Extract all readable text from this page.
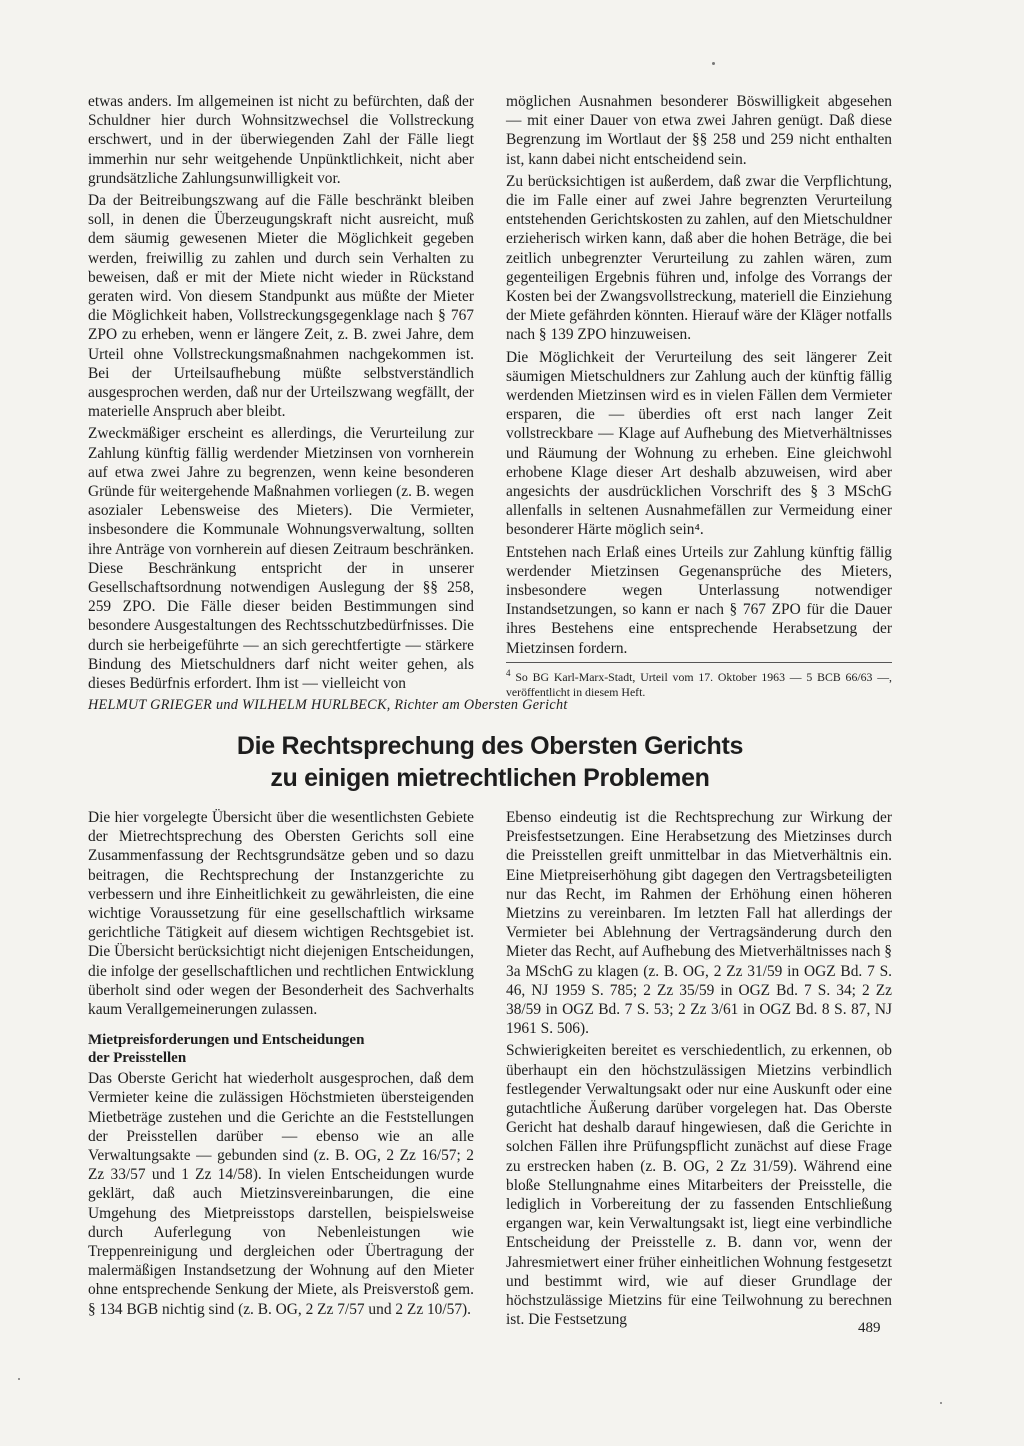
etwas anders. Im allgemeinen ist nicht zu befürchten, daß der Schuldner hier durch Wohnsitzwechsel die Vollstreckung erschwert, und in der überwiegenden Zahl der Fälle liegt immerhin nur sehr weitgehende Unpünktlichkeit, nicht aber grundsätzliche Zahlungsunwilligkeit vor.

Da der Beitreibungszwang auf die Fälle beschränkt bleiben soll, in denen die Überzeugungskraft nicht ausreicht, muß dem säumig gewesenen Mieter die Möglichkeit gegeben werden, freiwillig zu zahlen und durch sein Verhalten zu beweisen, daß er mit der Miete nicht wieder in Rückstand geraten wird. Von diesem Standpunkt aus müßte der Mieter die Möglichkeit haben, Vollstreckungsgegenklage nach § 767 ZPO zu erheben, wenn er längere Zeit, z. B. zwei Jahre, dem Urteil ohne Vollstreckungsmaßnahmen nachgekommen ist. Bei der Urteilsaufhebung müßte selbstverständlich ausgesprochen werden, daß nur der Urteilszwang wegfällt, der materielle Anspruch aber bleibt.

Zweckmäßiger erscheint es allerdings, die Verurteilung zur Zahlung künftig fällig werdender Mietzinsen von vornherein auf etwa zwei Jahre zu begrenzen, wenn keine besonderen Gründe für weitergehende Maßnahmen vorliegen (z. B. wegen asozialer Lebensweise des Mieters). Die Vermieter, insbesondere die Kommunale Wohnungsverwaltung, sollten ihre Anträge von vornherein auf diesen Zeitraum beschränken. Diese Beschränkung entspricht der in unserer Gesellschaftsordnung notwendigen Auslegung der §§ 258, 259 ZPO. Die Fälle dieser beiden Bestimmungen sind besondere Ausgestaltungen des Rechtsschutzbedürfnisses. Die durch sie herbeigeführte — an sich gerechtfertigte — stärkere Bindung des Mietschuldners darf nicht weiter gehen, als dieses Bedürfnis erfordert. Ihm ist — vielleicht von

möglichen Ausnahmen besonderer Böswilligkeit abgesehen — mit einer Dauer von etwa zwei Jahren genügt. Daß diese Begrenzung im Wortlaut der §§ 258 und 259 nicht enthalten ist, kann dabei nicht entscheidend sein.

Zu berücksichtigen ist außerdem, daß zwar die Verpflichtung, die im Falle einer auf zwei Jahre begrenzten Verurteilung entstehenden Gerichtskosten zu zahlen, auf den Mietschuldner erzieherisch wirken kann, daß aber die hohen Beträge, die bei zeitlich unbegrenzter Verurteilung zu zahlen wären, zum gegenteiligen Ergebnis führen und, infolge des Vorrangs der Kosten bei der Zwangsvollstreckung, materiell die Einziehung der Miete gefährden könnten. Hierauf wäre der Kläger notfalls nach § 139 ZPO hinzuweisen.

Die Möglichkeit der Verurteilung des seit längerer Zeit säumigen Mietschuldners zur Zahlung auch der künftig fällig werdenden Mietzinsen wird es in vielen Fällen dem Vermieter ersparen, die — überdies oft erst nach langer Zeit vollstreckbare — Klage auf Aufhebung des Mietverhältnisses und Räumung der Wohnung zu erheben. Eine gleichwohl erhobene Klage dieser Art deshalb abzuweisen, wird aber angesichts der ausdrücklichen Vorschrift des § 3 MSchG allenfalls in seltenen Ausnahmefällen zur Vermeidung einer besonderer Härte möglich sein⁴.

Entstehen nach Erlaß eines Urteils zur Zahlung künftig fällig werdender Mietzinsen Gegenansprüche des Mieters, insbesondere wegen Unterlassung notwendiger Instandsetzungen, so kann er nach § 767 ZPO für die Dauer ihres Bestehens eine entsprechende Herabsetzung der Mietzinsen fordern.

$^4$ So BG Karl-Marx-Stadt, Urteil vom 17. Oktober 1963 — 5 BCB 66/63 —, veröffentlicht in diesem Heft.
HELMUT GRIEGER und WILHELM HURLBECK, Richter am Obersten Gericht
Die Rechtsprechung des Obersten Gerichts
zu einigen mietrechtlichen Problemen

Die hier vorgelegte Übersicht über die wesentlichsten Gebiete der Mietrechtsprechung des Obersten Gerichts soll eine Zusammenfassung der Rechtsgrundsätze geben und so dazu beitragen, die Rechtsprechung der Instanzgerichte zu verbessern und ihre Einheitlichkeit zu gewährleisten, die eine wichtige Voraussetzung für eine gesellschaftlich wirksame gerichtliche Tätigkeit auf diesem wichtigen Rechtsgebiet ist. Die Übersicht berücksichtigt nicht diejenigen Entscheidungen, die infolge der gesellschaftlichen und rechtlichen Entwicklung überholt sind oder wegen der Besonderheit des Sachverhalts kaum Verallgemeinerungen zulassen.

Mietpreisforderungen und Entscheidungen
der Preisstellen

Das Oberste Gericht hat wiederholt ausgesprochen, daß dem Vermieter keine die zulässigen Höchstmieten übersteigenden Mietbeträge zustehen und die Gerichte an die Feststellungen der Preisstellen darüber — ebenso wie an alle Verwaltungsakte — gebunden sind (z. B. OG, 2 Zz 16/57; 2 Zz 33/57 und 1 Zz 14/58). In vielen Entscheidungen wurde geklärt, daß auch Mietzinsvereinbarungen, die eine Umgehung des Mietpreisstops darstellen, beispielsweise durch Auferlegung von Nebenleistungen wie Treppenreinigung und dergleichen oder Übertragung der malermäßigen Instandsetzung der Wohnung auf den Mieter ohne entsprechende Senkung der Miete, als Preisverstoß gem. § 134 BGB nichtig sind (z. B. OG, 2 Zz 7/57 und 2 Zz 10/57).

Ebenso eindeutig ist die Rechtsprechung zur Wirkung der Preisfestsetzungen. Eine Herabsetzung des Mietzinses durch die Preisstellen greift unmittelbar in das Mietverhältnis ein. Eine Mietpreiserhöhung gibt dagegen den Vertragsbeteiligten nur das Recht, im Rahmen der Erhöhung einen höheren Mietzins zu vereinbaren. Im letzten Fall hat allerdings der Vermieter bei Ablehnung der Vertragsänderung durch den Mieter das Recht, auf Aufhebung des Mietverhältnisses nach § 3a MSchG zu klagen (z. B. OG, 2 Zz 31/59 in OGZ Bd. 7 S. 46, NJ 1959 S. 785; 2 Zz 35/59 in OGZ Bd. 7 S. 34; 2 Zz 38/59 in OGZ Bd. 7 S. 53; 2 Zz 3/61 in OGZ Bd. 8 S. 87, NJ 1961 S. 506).

Schwierigkeiten bereitet es verschiedentlich, zu erkennen, ob überhaupt ein den höchstzulässigen Mietzins verbindlich festlegender Verwaltungsakt oder nur eine Auskunft oder eine gutachtliche Äußerung darüber vorgelegen hat. Das Oberste Gericht hat deshalb darauf hingewiesen, daß die Gerichte in solchen Fällen ihre Prüfungspflicht zunächst auf diese Frage zu erstrecken haben (z. B. OG, 2 Zz 31/59). Während eine bloße Stellungnahme eines Mitarbeiters der Preisstelle, die lediglich in Vorbereitung der zu fassenden Entschließung ergangen war, kein Verwaltungsakt ist, liegt eine verbindliche Entscheidung der Preisstelle z. B. dann vor, wenn der Jahresmietwert einer früher einheitlichen Wohnung festgesetzt und bestimmt wird, wie auf dieser Grundlage der höchstzulässige Mietzins für eine Teilwohnung zu berechnen ist. Die Festsetzung	489
